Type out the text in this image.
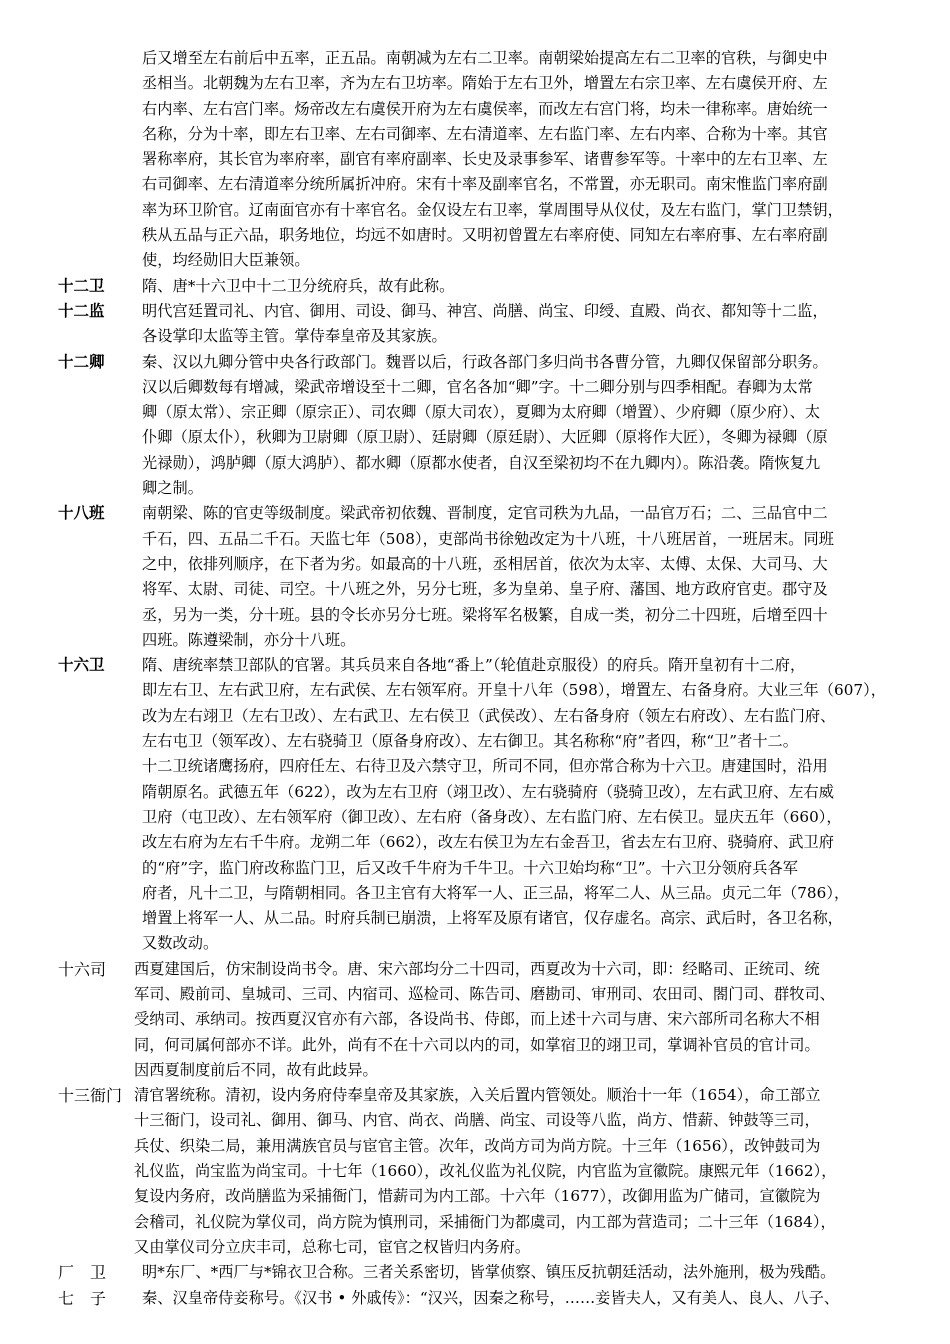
后又增至左右前后中五率，正五品。南朝减为左右二卫率。南朝梁始提高左右二卫率的官秩，与御史中
丞相当。北朝魏为左右卫率，齐为左右卫坊率。隋始于左右卫外，增置左右宗卫率、左右虞侯开府、左
右内率、左右宫门率。炀帝改左右虞侯开府为左右虞侯率，而改左右宫门将，均未一律称率。唐始统一
名称，分为十率，即左右卫率、左右司御率、左右清道率、左右监门率、左右内率、合称为十率。其官
署称率府，其长官为率府率，副官有率府副率、长史及录事参军、诸曹参军等。十率中的左右卫率、左
右司御率、左右清道率分统所属折冲府。宋有十率及副率官名，不常置，亦无职司。南宋惟监门率府副
率为环卫阶官。辽南面官亦有十率官名。金仅设左右卫率，掌周围导从仪仗，及左右监门，掌门卫禁钥，
秩从五品与正六品，职务地位，均远不如唐时。又明初曾置左右率府使、同知左右率府事、左右率府副
使，均经勋旧大臣兼领。
十二卫	隋、唐*十六卫中十二卫分统府兵，故有此称。
十二监	明代宫廷置司礼、内官、御用、司设、御马、神宫、尚膳、尚宝、印绶、直殿、尚衣、都知等十二监，
各设掌印太监等主管。掌侍奉皇帝及其家族。
十二卿	秦、汉以九卿分管中央各行政部门。魏晋以后，行政各部门多归尚书各曹分管，九卿仅保留部分职务。
汉以后卿数每有增减，梁武帝增设至十二卿，官名各加“卿”字。十二卿分别与四季相配。春卿为太常
卿（原太常）、宗正卿（原宗正）、司农卿（原大司农），夏卿为太府卿（增置）、少府卿（原少府）、太
仆卿（原太仆），秋卿为卫尉卿（原卫尉）、廷尉卿（原廷尉）、大匠卿（原将作大匠），冬卿为禄卿（原
光禄勋），鸿胪卿（原大鸿胪）、都水卿（原都水使者，自汉至梁初均不在九卿内）。陈沿袭。隋恢复九
卿之制。
十八班	南朝梁、陈的官吏等级制度。梁武帝初依魏、晋制度，定官司秩为九品，一品官万石；二、三品官中二
千石，四、五品二千石。天监七年（508），吏部尚书徐勉改定为十八班，十八班居首，一班居末。同班
之中，依排列顺序，在下者为劣。如最高的十八班，丞相居首，依次为太宰、太傅、太保、大司马、大
将军、太尉、司徒、司空。十八班之外，另分七班，多为皇弟、皇子府、藩国、地方政府官吏。郡守及
丞，另为一类，分十班。县的令长亦另分七班。梁将军名极繁，自成一类，初分二十四班，后增至四十
四班。陈遵梁制，亦分十八班。
十六卫	隋、唐统率禁卫部队的官署。其兵员来自各地“番上”（轮值赴京服役）的府兵。隋开皇初有十二府，
即左右卫、左右武卫府，左右武侯、左右领军府。开皇十八年（598），增置左、右备身府。大业三年（607），
改为左右翊卫（左右卫改）、左右武卫、左右侯卫（武侯改）、左右备身府（领左右府改）、左右监门府、
左右屯卫（领军改）、左右骁骑卫（原备身府改）、左右御卫。其名称称“府”者四，称“卫”者十二。
十二卫统诸鹰扬府，四府任左、右待卫及六禁守卫，所司不同，但亦常合称为十六卫。唐建国时，沿用
隋朝原名。武德五年（622），改为左右卫府（翊卫改）、左右骁骑府（骁骑卫改），左右武卫府、左右威
卫府（屯卫改）、左右领军府（御卫改）、左右府（备身改）、左右监门府、左右侯卫。显庆五年（660），
改左右府为左右千牛府。龙朔二年（662），改左右侯卫为左右金吾卫，省去左右卫府、骁骑府、武卫府
的“府”字，监门府改称监门卫，后又改千牛府为千牛卫。十六卫始均称“卫”。十六卫分领府兵各军
府者，凡十二卫，与隋朝相同。各卫主官有大将军一人、正三品，将军二人、从三品。贞元二年（786），
增置上将军一人、从二品。时府兵制已崩溃，上将军及原有诸官，仅存虚名。高宗、武后时，各卫名称，
又数改动。
十六司	西夏建国后，仿宋制设尚书令。唐、宋六部均分二十四司，西夏改为十六司，即：经略司、正统司、统
军司、殿前司、皇城司、三司、内宿司、巡检司、陈告司、磨勘司、审刑司、农田司、閤门司、群牧司、
受纳司、承纳司。按西夏汉官亦有六部，各设尚书、侍郎，而上述十六司与唐、宋六部所司名称大不相
同，何司属何部亦不详。此外，尚有不在十六司以内的司，如掌宿卫的翊卫司，掌调补官员的官计司。
因西夏制度前后不同，故有此歧异。
十三衙门 清官署统称。清初，设内务府侍奉皇帝及其家族，入关后置内管领处。顺治十一年（1654），命工部立
十三衙门，设司礼、御用、御马、内官、尚衣、尚膳、尚宝、司设等八监，尚方、惜薪、钟鼓等三司，
兵仗、织染二局，兼用满族官员与宦官主管。次年，改尚方司为尚方院。十三年（1656），改钟鼓司为
礼仪监，尚宝监为尚宝司。十七年（1660），改礼仪监为礼仪院，内官监为宣徽院。康熙元年（1662），
复设内务府，改尚膳监为采捕衙门，惜薪司为内工部。十六年（1677），改御用监为广储司，宣徽院为
会稽司，礼仪院为掌仪司，尚方院为慎刑司，采捕衙门为都虞司，内工部为营造司；二十三年（1684），
又由掌仪司分立庆丰司，总称七司，宦官之权皆归内务府。
厂　卫	明*东厂、*西厂与*锦衣卫合称。三者关系密切，皆掌侦察、镇压反抗朝廷活动，法外施刑，极为残酷。
七　子	秦、汉皇帝侍妾称号。《汉书 • 外戚传》：“汉兴，因秦之称号，……妾皆夫人，又有美人、良人、八子、
